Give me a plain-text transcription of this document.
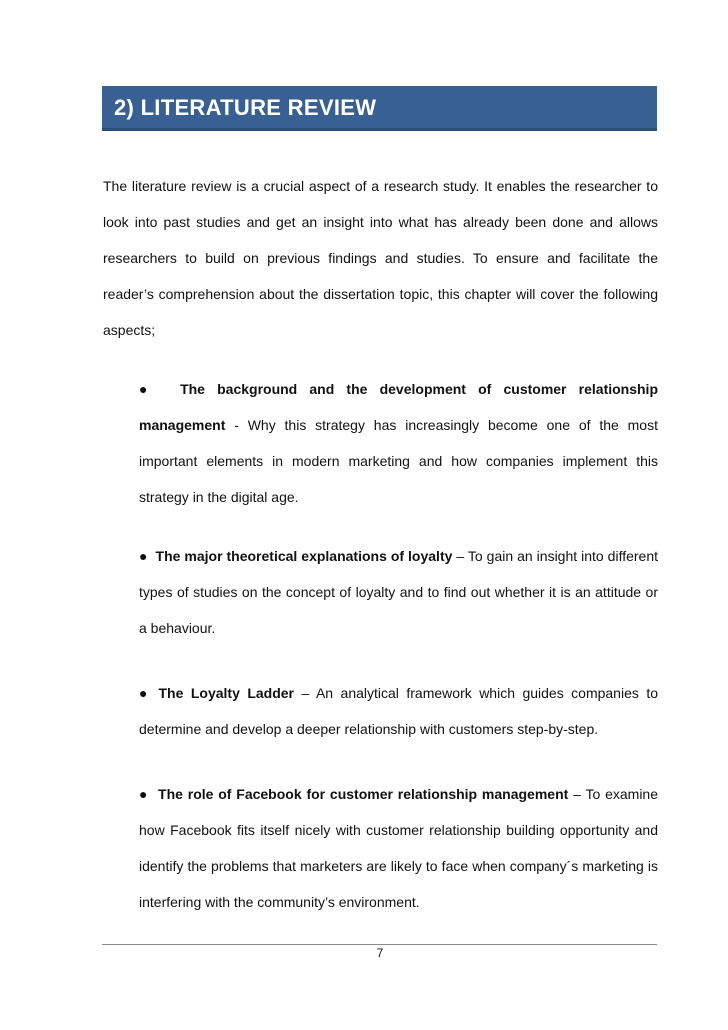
2) LITERATURE REVIEW

The literature review is a crucial aspect of a research study. It enables the researcher to look into past studies and get an insight into what has already been done and allows researchers to build on previous findings and studies. To ensure and facilitate the reader’s comprehension about the dissertation topic, this chapter will cover the following aspects;

● The background and the development of customer relationship management - Why this strategy has increasingly become one of the most important elements in modern marketing and how companies implement this strategy in the digital age.

● The major theoretical explanations of loyalty – To gain an insight into different types of studies on the concept of loyalty and to find out whether it is an attitude or a behaviour.

● The Loyalty Ladder – An analytical framework which guides companies to determine and develop a deeper relationship with customers step-by-step.

● The role of Facebook for customer relationship management – To examine how Facebook fits itself nicely with customer relationship building opportunity and identify the problems that marketers are likely to face when company´s marketing is interfering with the community’s environment.

7
